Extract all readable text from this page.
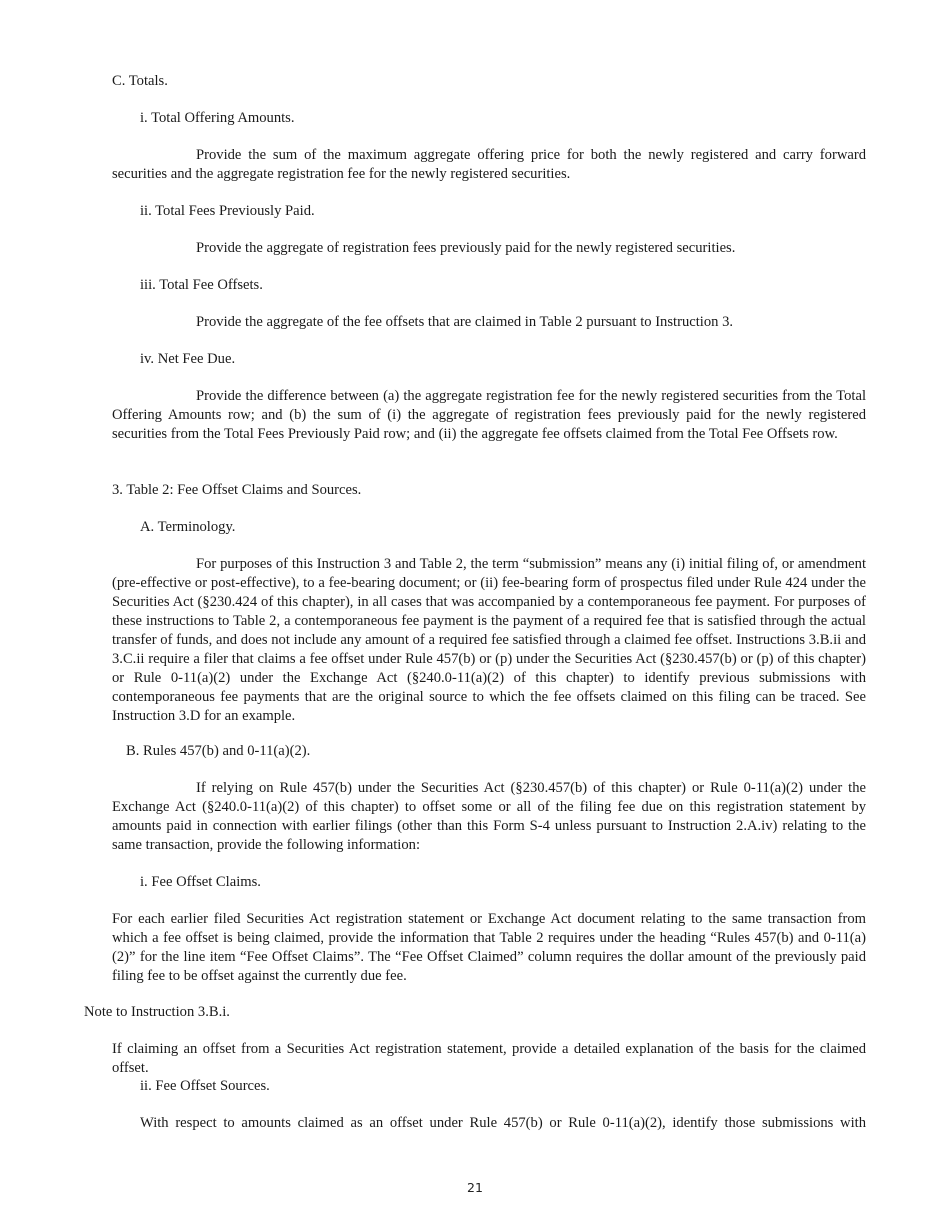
C. Totals.

i. Total Offering Amounts.

Provide the sum of the maximum aggregate offering price for both the newly registered and carry forward securities and the aggregate registration fee for the newly registered securities.

ii. Total Fees Previously Paid.

Provide the aggregate of registration fees previously paid for the newly registered securities.

iii. Total Fee Offsets.

Provide the aggregate of the fee offsets that are claimed in Table 2 pursuant to Instruction 3.

iv. Net Fee Due.

Provide the difference between (a) the aggregate registration fee for the newly registered securities from the Total Offering Amounts row; and (b) the sum of (i) the aggregate of registration fees previously paid for the newly registered securities from the Total Fees Previously Paid row; and (ii) the aggregate fee offsets claimed from the Total Fee Offsets row.

3. Table 2: Fee Offset Claims and Sources.

A. Terminology.

For purposes of this Instruction 3 and Table 2, the term “submission” means any (i) initial filing of, or amendment (pre-effective or post-effective), to a fee-bearing document; or (ii) fee-bearing form of prospectus filed under Rule 424 under the Securities Act (§230.424 of this chapter), in all cases that was accompanied by a contemporaneous fee payment. For purposes of these instructions to Table 2, a contemporaneous fee payment is the payment of a required fee that is satisfied through the actual transfer of funds, and does not include any amount of a required fee satisfied through a claimed fee offset. Instructions 3.B.ii and 3.C.ii require a filer that claims a fee offset under Rule 457(b) or (p) under the Securities Act (§230.457(b) or (p) of this chapter) or Rule 0-11(a)(2) under the Exchange Act (§240.0-11(a)(2) of this chapter) to identify previous submissions with contemporaneous fee payments that are the original source to which the fee offsets claimed on this filing can be traced. See Instruction 3.D for an example.

B. Rules 457(b) and 0-11(a)(2).

If relying on Rule 457(b) under the Securities Act (§230.457(b) of this chapter) or Rule 0-11(a)(2) under the Exchange Act (§240.0-11(a)(2) of this chapter) to offset some or all of the filing fee due on this registration statement by amounts paid in connection with earlier filings (other than this Form S-4 unless pursuant to Instruction 2.A.iv) relating to the same transaction, provide the following information:

i. Fee Offset Claims.

For each earlier filed Securities Act registration statement or Exchange Act document relating to the same transaction from which a fee offset is being claimed, provide the information that Table 2 requires under the heading “Rules 457(b) and 0-11(a)(2)” for the line item “Fee Offset Claims”. The “Fee Offset Claimed” column requires the dollar amount of the previously paid filing fee to be offset against the currently due fee.

Note to Instruction 3.B.i.

If claiming an offset from a Securities Act registration statement, provide a detailed explanation of the basis for the claimed offset.

ii. Fee Offset Sources.

With respect to amounts claimed as an offset under Rule 457(b) or Rule 0-11(a)(2), identify those submissions with

21
